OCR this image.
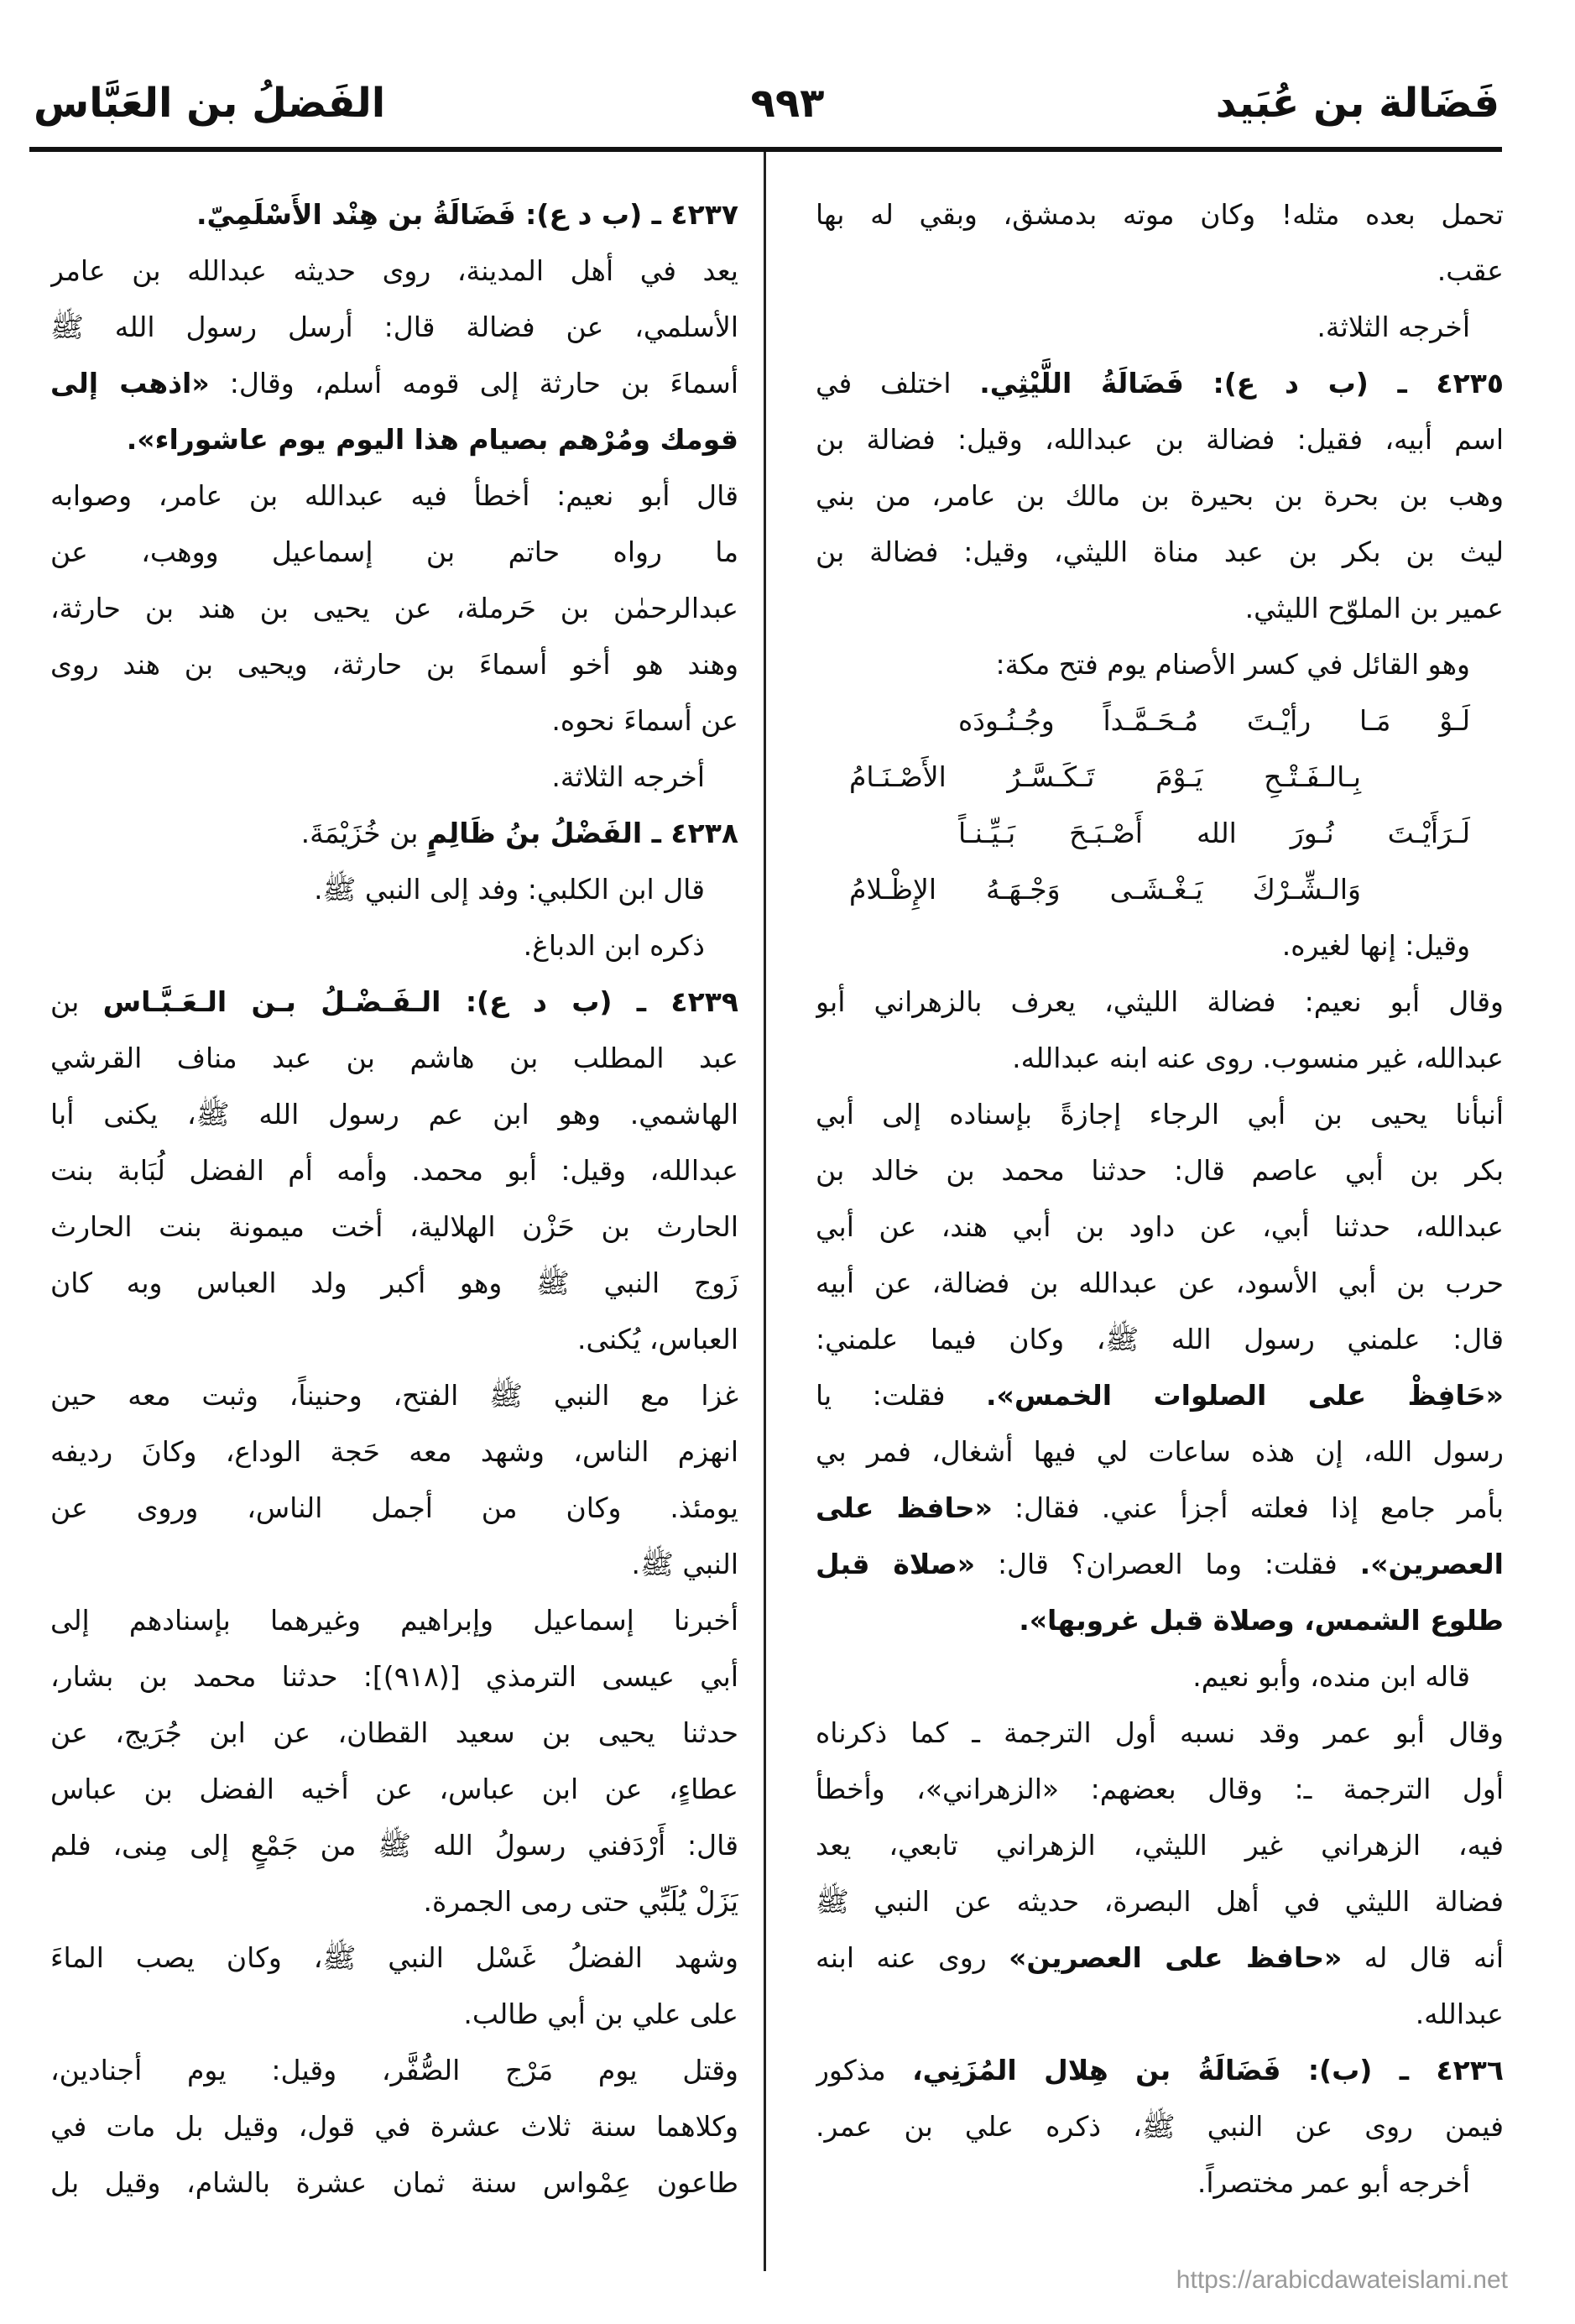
فَضَالة بن عُبَيد
٩٩٣
الفَضلُ بن العَبَّاس
تحمل بعده مثله! وكان موته بدمشق، وبقي له بها
عقب.
أخرجه الثلاثة.
٤٢٣٥ ـ (ب د ع): فَضَالَةُ اللَّيْثِي. اختلف في
اسم أبيه، فقيل: فضالة بن عبدالله، وقيل: فضالة بن
وهب بن بحرة بن بحيرة بن مالك بن عامر، من بني
ليث بن بكر بن عبد مناة الليثي، وقيل: فضالة بن
عمير بن الملوّح الليثي.
وهو القائل في كسر الأصنام يوم فتح مكة:
لَـوْ مَـا رأيْـتَ مُـحَـمَّـداً وجُـنُـودَه
بِـالـفَـتْـحِ يَـوْمَ تَـكَـسَّـرُ الأَصْـنَـامُ
لَـرَأَيْـتَ نُـورَ الله أَصْـبَـحَ بَـيِّـنـاً
وَالـشِّـرْكَ يَـغْـشَـى وَجْـهَـهُ الإِظْـلامُ
وقيل: إنها لغيره.
وقال أبو نعيم: فضالة الليثي، يعرف بالزهراني أبو
عبدالله، غير منسوب. روى عنه ابنه عبدالله.
أنبأنا يحيى بن أبي الرجاء إجازةً بإسناده إلى أبي
بكر بن أبي عاصم قال: حدثنا محمد بن خالد بن
عبدالله، حدثنا أبي، عن داود بن أبي هند، عن أبي
حرب بن أبي الأسود، عن عبدالله بن فضالة، عن أبيه
قال: علمني رسول الله ﷺ، وكان فيما علمني:
«حَافِظْ على الصلوات الخمس». فقلت: يا
رسول الله، إن هذه ساعات لي فيها أشغال، فمر بي
بأمر جامع إذا فعلته أجزأ عني. فقال: «حافظ على
العصرين». فقلت: وما العصران؟ قال: «صلاة قبل
طلوع الشمس، وصلاة قبل غروبها».
قاله ابن منده، وأبو نعيم.
وقال أبو عمر وقد نسبه أول الترجمة ـ كما ذكرناه
أول الترجمة ـ: وقال بعضهم: «الزهراني»، وأخطأ
فيه، الزهراني غير الليثي، الزهراني تابعي، يعد
فضالة الليثي في أهل البصرة، حديثه عن النبي ﷺ
أنه قال له «حافظ على العصرين» روى عنه ابنه
عبدالله.
٤٢٣٦ ـ (ب): فَضَالَةُ بن هِلال المُزَنِي، مذكور
فيمن روى عن النبي ﷺ، ذكره علي بن عمر.
أخرجه أبو عمر مختصراً.
٤٢٣٧ ـ (ب د ع): فَضَالَةُ بن هِنْد الأَسْلَمِيّ.
يعد في أهل المدينة، روى حديثه عبدالله بن عامر
الأسلمي، عن فضالة قال: أرسل رسول الله ﷺ
أسماءَ بن حارثة إلى قومه أسلم، وقال: «اذهب إلى
قومك ومُرْهم بصيام هذا اليوم يوم عاشوراء».
قال أبو نعيم: أخطأ فيه عبدالله بن عامر، وصوابه
ما رواه حاتم بن إسماعيل ووهب، عن
عبدالرحمٰن بن حَرملة، عن يحيى بن هند بن حارثة،
وهند هو أخو أسماءَ بن حارثة، ويحيى بن هند روى
عن أسماءَ نحوه.
أخرجه الثلاثة.
٤٢٣٨ ـ الفَضْلُ بنُ ظَالِمٍ بن خُزَيْمَةَ.
قال ابن الكلبي: وفد إلى النبي ﷺ.
ذكره ابن الدباغ.
٤٢٣٩ ـ (ب د ع): الـفَـضْـلُ بـن الـعَـبَّـاس بن
عبد المطلب بن هاشم بن عبد مناف القرشي
الهاشمي. وهو ابن عم رسول الله ﷺ، يكنى أبا
عبدالله، وقيل: أبو محمد. وأمه أم الفضل لُبَابة بنت
الحارث بن حَزْن الهلالية، أخت ميمونة بنت الحارث
زَوج النبي ﷺ وهو أكبر ولد العباس وبه كان
العباس، يُكنى.
غزا مع النبي ﷺ الفتح، وحنيناً، وثبت معه حين
انهزم الناس، وشهد معه حَجة الوداع، وكانَ رديفه
يومئذ. وكان من أجمل الناس، وروى عن
النبي ﷺ.
أخبرنا إسماعيل وإبراهيم وغيرهما بإسنادهم إلى
أبي عيسى الترمذي [(٩١٨)]: حدثنا محمد بن بشار،
حدثنا يحيى بن سعيد القطان، عن ابن جُرَيج، عن
عطاءٍ، عن ابن عباس، عن أخيه الفضل بن عباس
قال: أَرْدَفني رسولُ الله ﷺ من جَمْعٍ إلى مِنى، فلم
يَزَلْ يُلَبِّي حتى رمى الجمرة.
وشهد الفضلُ غَسْل النبي ﷺ، وكان يصب الماءَ
على علي بن أبي طالب.
وقتل يوم مَرْج الصُّفَّر، وقيل: يوم أجنادين،
وكلاهما سنة ثلاث عشرة في قول، وقيل بل مات في
طاعون عِمْواس سنة ثمان عشرة بالشام، وقيل بل
https://arabicdawateislami.net
